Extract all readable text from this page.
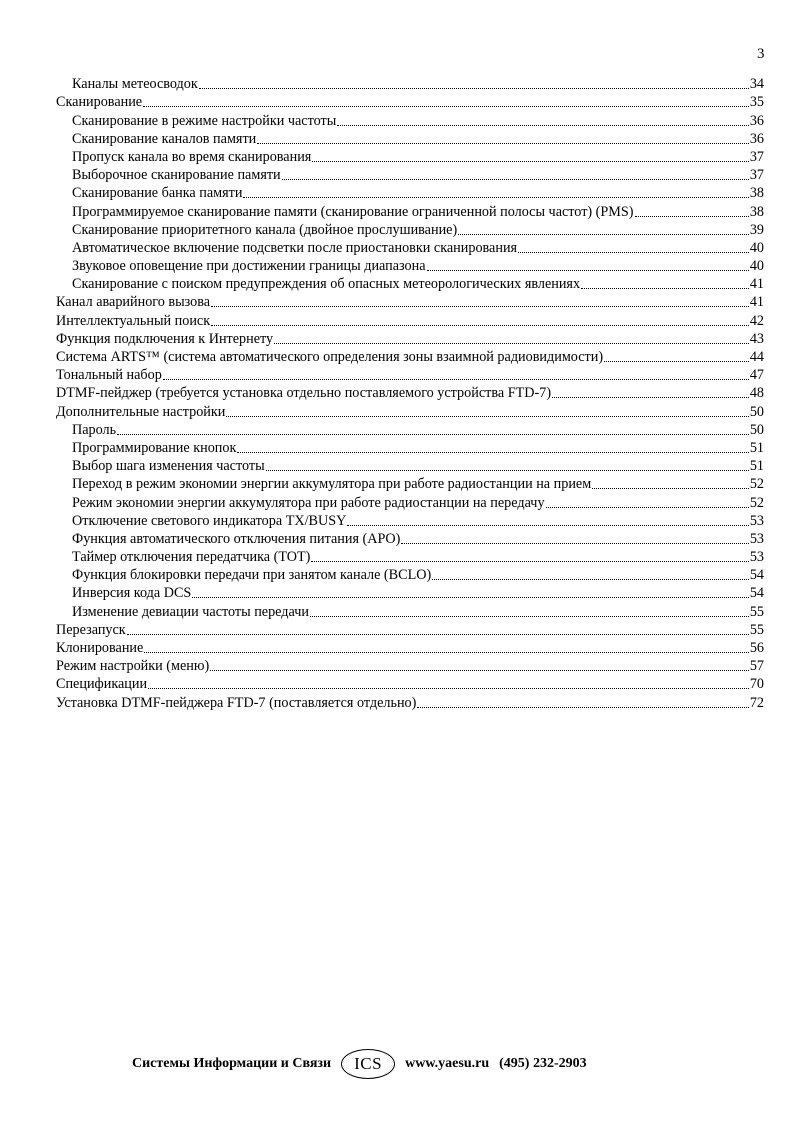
3
Каналы метеосводок	34
Сканирование	35
Сканирование в режиме настройки частоты	36
Сканирование каналов памяти	36
Пропуск канала во время сканирования	37
Выборочное сканирование памяти	37
Сканирование банка памяти	38
Программируемое сканирование памяти (сканирование ограниченной полосы частот) (PMS)	38
Сканирование приоритетного канала (двойное прослушивание)	39
Автоматическое включение подсветки после приостановки сканирования	40
Звуковое оповещение при достижении границы диапазона	40
Сканирование с поиском предупреждения об опасных метеорологических явлениях	41
Канал аварийного вызова	41
Интеллектуальный поиск	42
Функция подключения к Интернету	43
Система ARTS™ (система автоматического определения зоны взаимной радиовидимости)	44
Тональный набор	47
DTMF-пейджер (требуется установка отдельно поставляемого устройства FTD-7)	48
Дополнительные настройки	50
Пароль	50
Программирование кнопок	51
Выбор шага изменения частоты	51
Переход в режим экономии энергии аккумулятора при работе радиостанции на прием	52
Режим экономии энергии аккумулятора при работе радиостанции на передачу	52
Отключение светового индикатора TX/BUSY	53
Функция автоматического отключения питания (APO)	53
Таймер отключения передатчика (TOT)	53
Функция блокировки передачи при занятом канале (BCLO)	54
Инверсия кода DCS	54
Изменение девиации частоты передачи	55
Перезапуск	55
Клонирование	56
Режим настройки (меню)	57
Спецификации	70
Установка DTMF-пейджера FTD-7 (поставляется отдельно)	72
Системы Информации и Связи	ICS	www.yaesu.ru (495) 232-2903
